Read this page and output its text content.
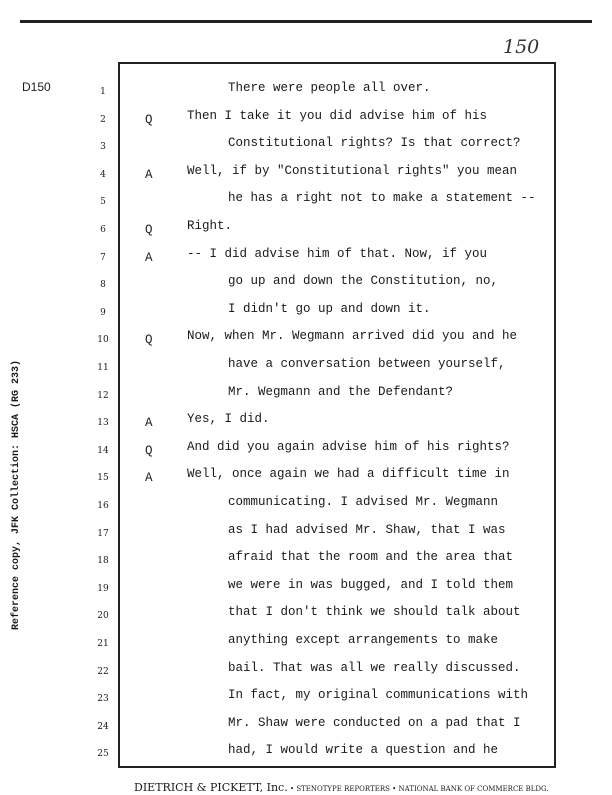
150
D150
Reference copy, JFK Collection: HSCA (RG 233)
1	There were people all over.
2	Q	Then I take it you did advise him of his
3	Constitutional rights? Is that correct?
4	A	Well, if by "Constitutional rights" you mean
5	he has a right not to make a statement --
6	Q	Right.
7	A	-- I did advise him of that. Now, if you
8	go up and down the Constitution, no,
9	I didn't go up and down it.
10	Q	Now, when Mr. Wegmann arrived did you and he
11	have a conversation between yourself,
12	Mr. Wegmann and the Defendant?
13	A	Yes, I did.
14	Q	And did you again advise him of his rights?
15	A	Well, once again we had a difficult time in
16	communicating. I advised Mr. Wegmann
17	as I had advised Mr. Shaw, that I was
18	afraid that the room and the area that
19	we were in was bugged, and I told them
20	that I don't think we should talk about
21	anything except arrangements to make
22	bail. That was all we really discussed.
23	In fact, my original communications with
24	Mr. Shaw were conducted on a pad that I
25	had, I would write a question and he
DIETRICH & PICKETT, Inc. • STENOTYPE REPORTERS • NATIONAL BANK OF COMMERCE BLDG.
